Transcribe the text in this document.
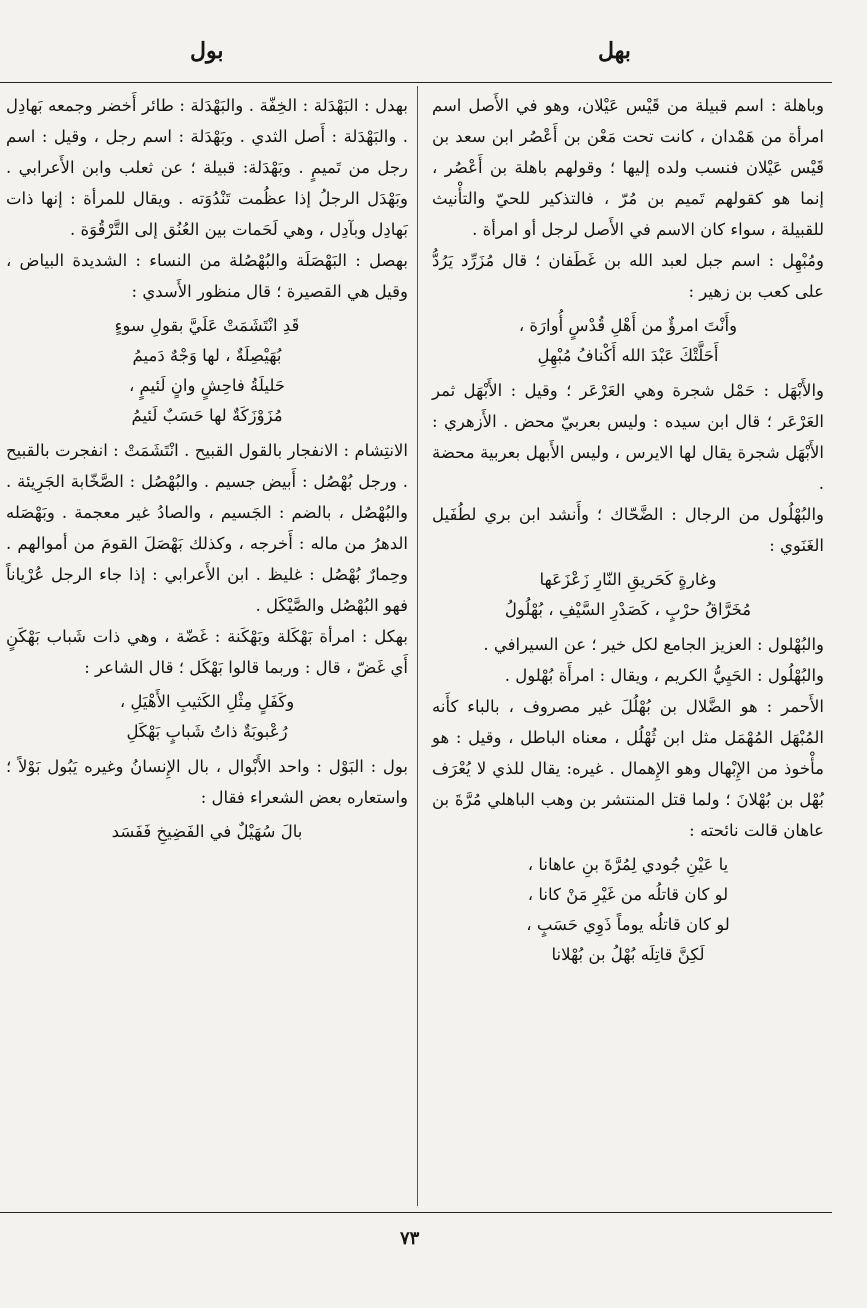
بول	بهل

وباهلة : اسم قبيلة من قَيْس عَيْلان، وهو في الأَصل اسم امرأة من هَمْدان ، كانت تحت مَعْن بن أَعْصُر ابن سعد بن قَيْس عَيْلان فنسب ولده إليها ؛ وقولهم باهلة بن أَعْصُر ، إنما هو كقولهم تَميم بن مُرّ ، فالتذكير للحيّ والتأْنيث للقبيلة ، سواء كان الاسم في الأَصل لرجل أو امرأة .

ومُبْهِل : اسم جبل لعبد الله بن غَطَفان ؛ قال مُزَرِّد يَرُدُّ على كعب بن زهير :

وأَنْتَ امرؤٌ من أَهْلِ قُدْسٍ أُوارَة ،

أَحَلَّتْكَ عَبْدَ الله أَكْنافُ مُبْهِلِ

والأَبْهَل : حَمْل شجرة وهي العَرْعَر ؛ وقيل : الأَبْهَل ثمر العَرْعَر ؛ قال ابن سيده : وليس بعربيّ محض . الأَزهري : الأَبْهَل شجرة يقال لها الايرس ، وليس الأَبهل بعربية محضة .

والبُهْلُول من الرجال : الضَّحّاك ؛ وأَنشد ابن بري لطُفَيل الغَنَوي :

وغارةٍ كَحَريقِ النّارِ زَعْزَعَها

مُخَرَّاقُ حرْبٍ ، كَصَدْرِ السَّيْفِ ، بُهْلُولُ

والبُهْلول : العزيز الجامع لكل خير ؛ عن السيرافي .

والبُهْلُول : الحَيِيُّ الكريم ، ويقال : امرأَة بُهْلول .

الأَحمر : هو الضَّلال بن بُهْلُلَ غير مصروف ، بالباء كأَنه المُبْهَل المُهْمَل مثل ابن ثُهْلُل ، معناه الباطل ، وقيل : هو مأْخوذ من الإِبْهال وهو الإِهمال . غيره: يقال للذي لا يُعْرَف بُهْل بن بُهْلانَ ؛ ولما قتل المنتشر بن وهب الباهلي مُرَّةَ بن عاهان قالت نائحته :

يا عَيْنِ جُودي لِمُرَّةَ بنِ عاهانا ،

لو كان قاتلُه من غَيْرِ مَنْ كانا ،

لو كان قاتلُه يوماً ذَوِي حَسَبٍ ،

لَكِنَّ قاتِلَه بُهْلُ بن بُهْلانا

بهدل : البَهْدَلة : الخِفّة . والبَهْدَلة : طائر أَخضر وجمعه بَهادِل . والبَهْدَلة : أَصل الثدي . وبَهْدَلة : اسم رجل ، وقيل : اسم رجل من تَميمٍ . وبَهْدَلة: قبيلة ؛ عن ثعلب وابن الأَعرابي . وبَهْدَل الرجلُ إذا عظُمت تَنْدُوَته . ويقال للمرأة : إنها ذات بَهادِل وبآدِل ، وهي لَحَمات بين العُنُق إلى التَّرْقُوَة .

بهصل : البَهْصَلَة والبُهْصُلة من النساء : الشديدة البياض ، وقيل هي القصيرة ؛ قال منظور الأَسدي :

قَدِ انْتَشَمَتْ عَلَيَّ بقولِ سوءٍ

بُهَيْصِلَةٌ ، لها وَجْهٌ دَميمُ

حَليلَةُ فاحِشٍ وانٍ لَئيمٍ ،

مُزَوْزَكَةٌ لها حَسَبٌ لَئيمُ

الانتِشام : الانفجار بالقول القبيح . انْتَشَمَتْ : انفجرت بالقبيح . ورجل بُهْصُل : أَبيض جسيم . والبُهْصُل : الصَّخّابة الجَرِيئة . والبُهْصُل ، بالضم : الجَسيم ، والصادُ غير معجمة . وبَهْصَله الدهرُ من ماله : أَخرجه ، وكذلك بَهْصَلَ القومَ من أموالهم . وحِمارٌ بُهْصُل : غليظ . ابن الأَعرابي : إذا جاء الرجل عُرْياناً فهو البُهْصُل والصَّيْكَل .

بهكل : امرأة بَهْكَلة وبَهْكَنة : غَضّة ، وهي ذات شَباب بَهْكَنٍ أَي غَضّ ، قال : وربما قالوا بَهْكَل ؛ قال الشاعر :

وكَفَلٍ مِثْلِ الكَثيبِ الأَهْيَلِ ،

رُعْبوبَةٌ ذاتُ شَبابٍ بَهْكَلِ

بول : البَوْل : واحد الأَبْوال ، بال الإِنسانُ وغيره يَبُول بَوْلاً ؛ واستعاره بعض الشعراء فقال :

بالَ سُهَيْلٌ في الفَضِيخِ فَفَسَد

٧٣
